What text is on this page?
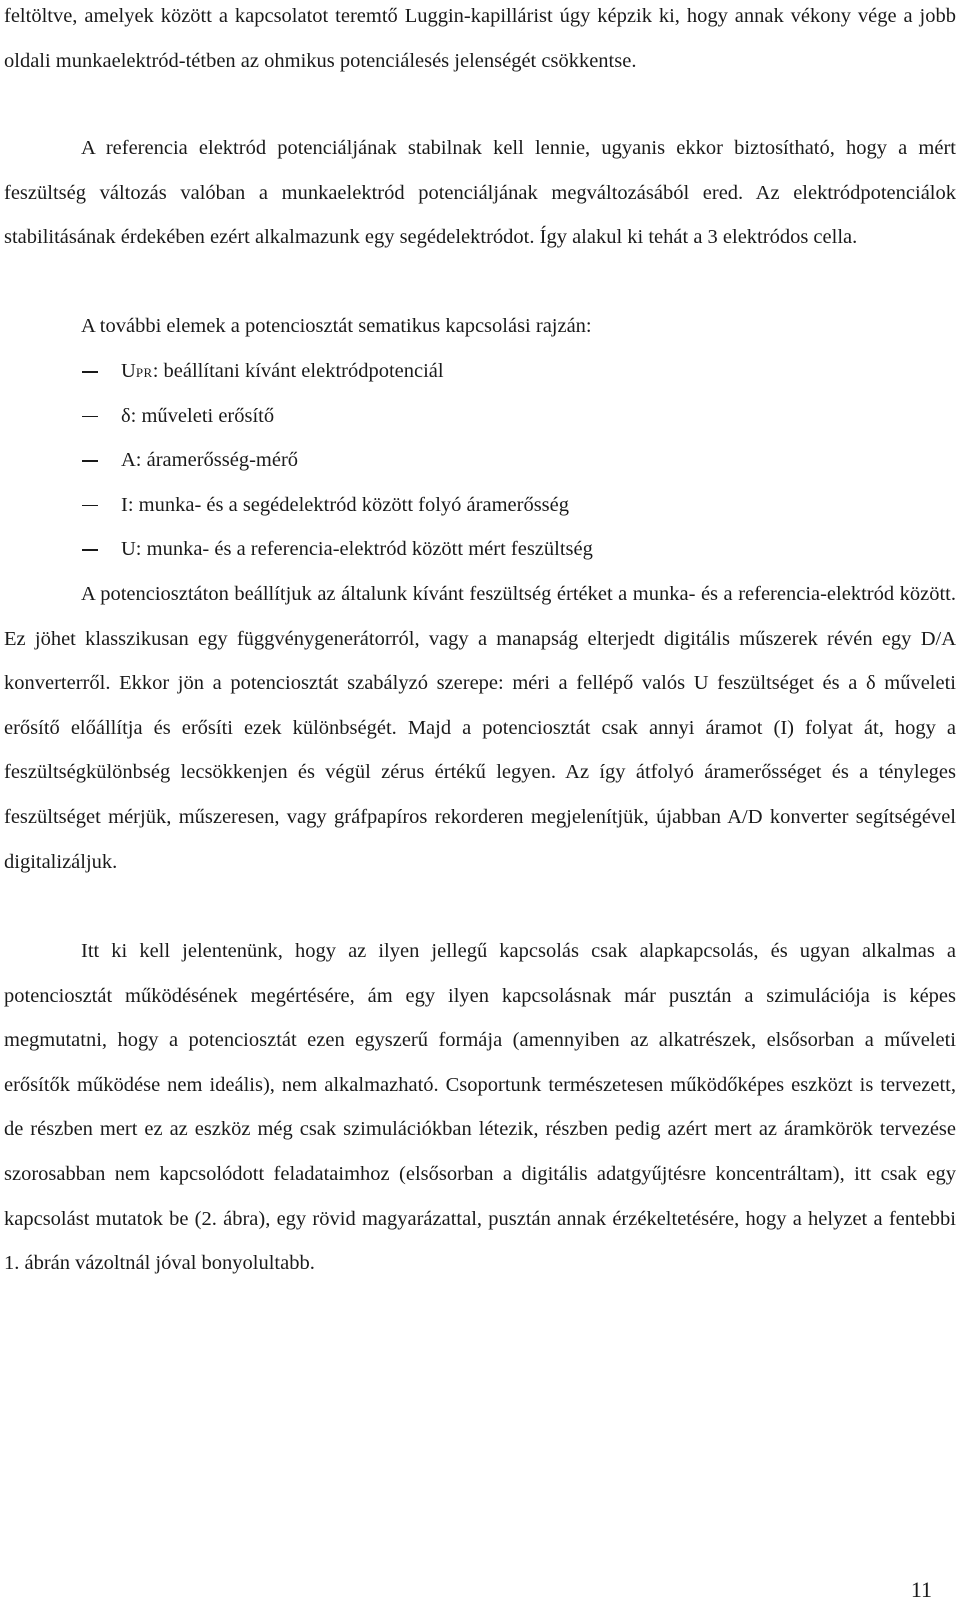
feltöltve, amelyek között a kapcsolatot teremtő Luggin-kapillárist úgy képzik ki, hogy annak vékony vége a jobb oldali munkaelektród-tétben az ohmikus potenciálesés jelenségét csökkentse.

A referencia elektród potenciáljának stabilnak kell lennie, ugyanis ekkor biztosítható, hogy a mért feszültség változás valóban a munkaelektród potenciáljának megváltozásából ered. Az elektródpotenciálok stabilitásának érdekében ezért alkalmazunk egy segédelektródot. Így alakul ki tehát a 3 elektródos cella.

A további elemek a potenciosztát sematikus kapcsolási rajzán:

UPR: beállítani kívánt elektródpotenciál
δ: műveleti erősítő
A: áramerősség-mérő
I: munka- és a segédelektród között folyó áramerősség
U: munka- és a referencia-elektród között mért feszültség

A potenciosztáton beállítjuk az általunk kívánt feszültség értéket a munka- és a referencia-elektród között. Ez jöhet klasszikusan egy függvénygenerátorról, vagy a manapság elterjedt digitális műszerek révén egy D/A konverterről. Ekkor jön a potenciosztát szabályzó szerepe: méri a fellépő valós U feszültséget és a δ műveleti erősítő előállítja és erősíti ezek különbségét. Majd a potenciosztát csak annyi áramot (I) folyat át, hogy a feszültségkülönbség lecsökkenjen és végül zérus értékű legyen. Az így átfolyó áramerősséget és a tényleges feszültséget mérjük, műszeresen, vagy gráfpapíros rekorderen megjelenítjük, újabban A/D konverter segítségével digitalizáljuk.

Itt ki kell jelentenünk, hogy az ilyen jellegű kapcsolás csak alapkapcsolás, és ugyan alkalmas a potenciosztát működésének megértésére, ám egy ilyen kapcsolásnak már pusztán a szimulációja is képes megmutatni, hogy a potenciosztát ezen egyszerű formája (amennyiben az alkatrészek, elsősorban a műveleti erősítők működése nem ideális), nem alkalmazható. Csoportunk természetesen működőképes eszközt is tervezett, de részben mert ez az eszköz még csak szimulációkban létezik, részben pedig azért mert az áramkörök tervezése szorosabban nem kapcsolódott feladataimhoz (elsősorban a digitális adatgyűjtésre koncentráltam), itt csak egy kapcsolást mutatok be (2. ábra), egy rövid magyarázattal, pusztán annak érzékeltetésére, hogy a helyzet a fentebbi 1. ábrán vázoltnál jóval bonyolultabb.

11
